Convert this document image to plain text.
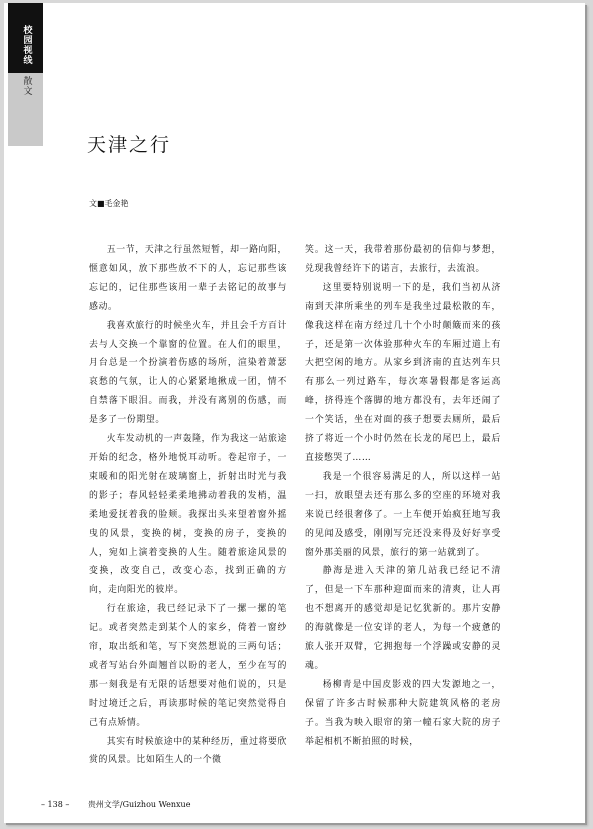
校园视线
散文
天津之行
文■毛金艳

五一节，天津之行虽然短暂，却一路向阳，惬意如风，放下那些放不下的人，忘记那些该忘记的，记住那些该用一辈子去铭记的故事与感动。

我喜欢旅行的时候坐火车，并且会千方百计去与人交换一个靠窗的位置。在人们的眼里，月台总是一个扮演着伤感的场所，渲染着萧瑟哀愁的气氛，让人的心紧紧地揪成一团，情不自禁落下眼泪。而我，并没有离别的伤感，而是多了一份期望。

火车发动机的一声轰隆，作为我这一站旅途开始的纪念，格外地悦耳动听。卷起帘子，一束暖和的阳光射在玻璃窗上，折射出时光与我的影子；春风轻轻柔柔地拂动着我的发梢，温柔地爱抚着我的脸颊。我探出头来望着窗外摇曳的风景，变换的树，变换的房子，变换的人，宛如上演着变换的人生。随着旅途风景的变换，改变自己，改变心态，找到正确的方向，走向阳光的彼岸。

行在旅途，我已经记录下了一摞一摞的笔记。或者突然走到某个人的家乡，倚着一窗纱帘，取出纸和笔，写下突然想说的三两句话；或者写站台外面翘首以盼的老人，至少在写的那一刻我是有无限的话想要对他们说的，只是时过境迁之后，再读那时候的笔记突然觉得自己有点矫情。

其实有时候旅途中的某种经历，重过将要欣赏的风景。比如陌生人的一个微

笑。这一天，我带着那份最初的信仰与梦想，兑现我曾经许下的诺言，去旅行，去流浪。

这里要特别说明一下的是，我们当初从济南到天津所乘坐的列车是我坐过最松散的车，像我这样在南方经过几十个小时颠簸而来的孩子，还是第一次体验那种火车的车厢过道上有大把空闲的地方。从家乡到济南的直达列车只有那么一列过路车，每次寒暑假都是客运高峰，挤得连个落脚的地方都没有，去年还闹了一个笑话，坐在对面的孩子想要去厕所，最后挤了将近一个小时仍然在长龙的尾巴上，最后直接憋哭了……

我是一个很容易满足的人，所以这样一站一扫，放眼望去还有那么多的空座的环境对我来说已经很奢侈了。一上车便开始疯狂地写我的见闻及感受，刚刚写完还没来得及好好享受窗外那美丽的风景，旅行的第一站就到了。

静海是进入天津的第几站我已经记不清了，但是一下车那种迎面而来的清爽，让人再也不想离开的感觉却是记忆犹新的。那片安静的海就像是一位安详的老人，为每一个疲惫的旅人张开双臂，它拥抱每一个浮躁或安静的灵魂。

杨柳青是中国皮影戏的四大发源地之一，保留了许多古时候那种大院建筑风格的老房子。当我为映入眼帘的第一幢石家大院的房子举起相机不断拍照的时候，

– 138 – 贵州文学/Guizhou Wenxue
